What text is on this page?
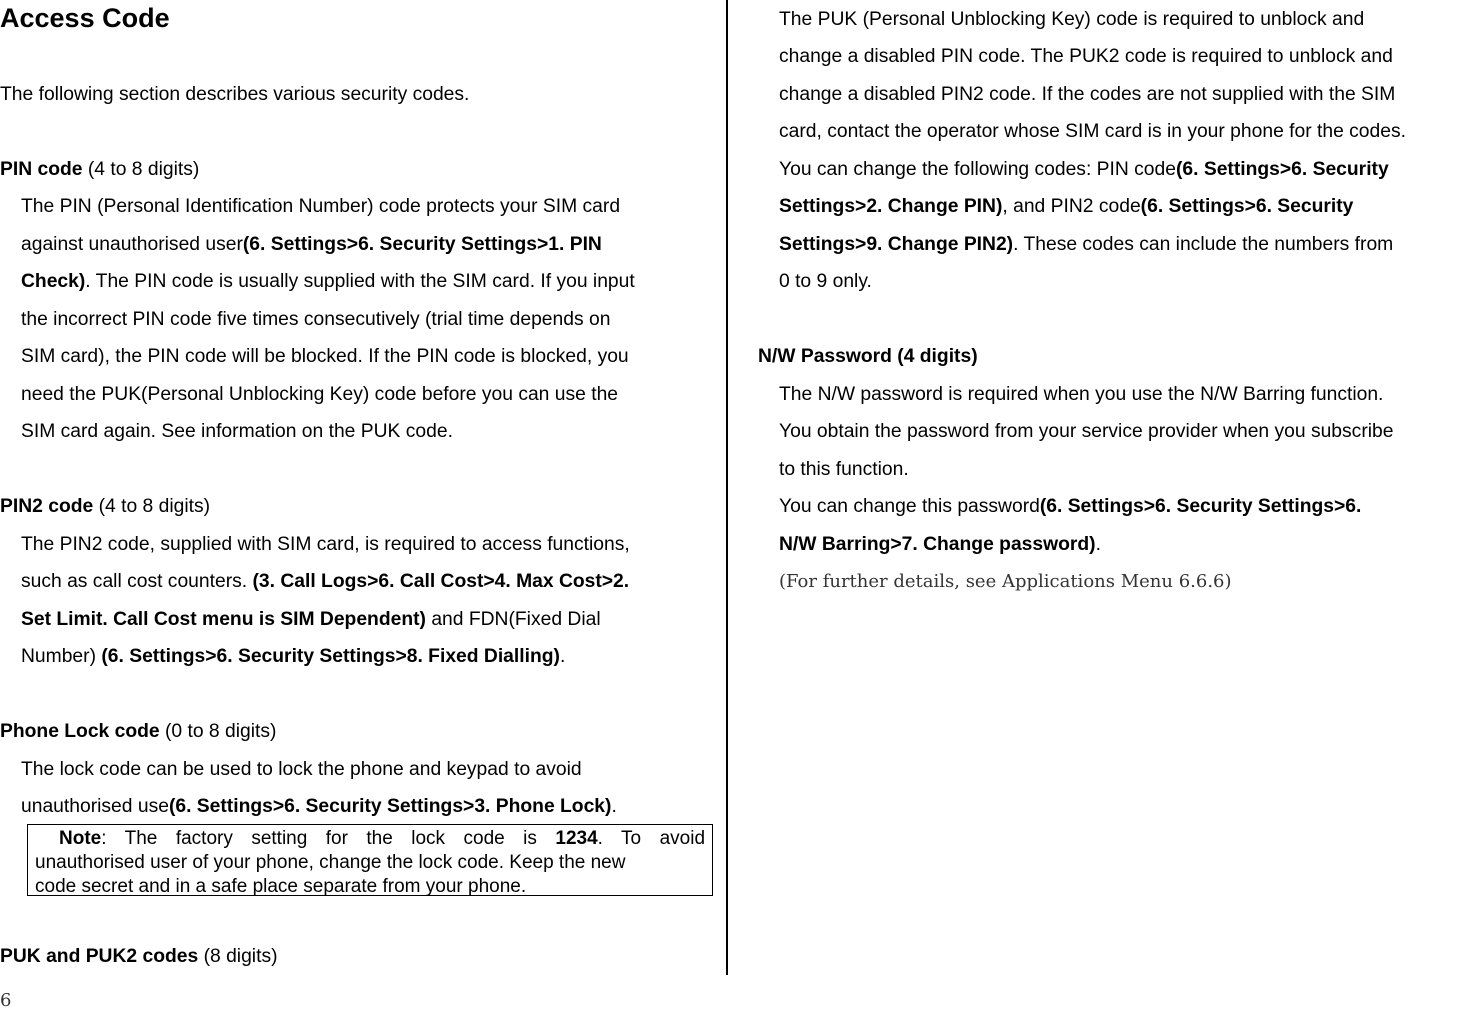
Access Code
The following section describes various security codes.
PIN code (4 to 8 digits)
The PIN (Personal Identification Number) code protects your SIM card
against unauthorised user(6. Settings>6. Security Settings>1. PIN
Check). The PIN code is usually supplied with the SIM card. If you input
the incorrect PIN code five times consecutively (trial time depends on
SIM card), the PIN code will be blocked. If the PIN code is blocked, you
need the PUK(Personal Unblocking Key) code before you can use the
SIM card again. See information on the PUK code.
PIN2 code (4 to 8 digits)
The PIN2 code, supplied with SIM card, is required to access functions,
such as call cost counters. (3. Call Logs>6. Call Cost>4. Max Cost>2.
Set Limit. Call Cost menu is SIM Dependent) and FDN(Fixed Dial
Number) (6. Settings>6. Security Settings>8. Fixed Dialling).
Phone Lock code (0 to 8 digits)
The lock code can be used to lock the phone and keypad to avoid
unauthorised use(6. Settings>6. Security Settings>3. Phone Lock).

Note: The factory setting for the lock code is 1234. To avoid

unauthorised user of your phone, change the lock code. Keep the new

code secret and in a safe place separate from your phone.

PUK and PUK2 codes (8 digits)
The PUK (Personal Unblocking Key) code is required to unblock and
change a disabled PIN code. The PUK2 code is required to unblock and
change a disabled PIN2 code. If the codes are not supplied with the SIM
card, contact the operator whose SIM card is in your phone for the codes.
You can change the following codes: PIN code(6. Settings>6. Security
Settings>2. Change PIN), and PIN2 code(6. Settings>6. Security
Settings>9. Change PIN2). These codes can include the numbers from
0 to 9 only.
N/W Password (4 digits)
The N/W password is required when you use the N/W Barring function.
You obtain the password from your service provider when you subscribe
to this function.
You can change this password(6. Settings>6. Security Settings>6.
N/W Barring>7. Change password).
(For further details, see Applications Menu 6.6.6)
6
